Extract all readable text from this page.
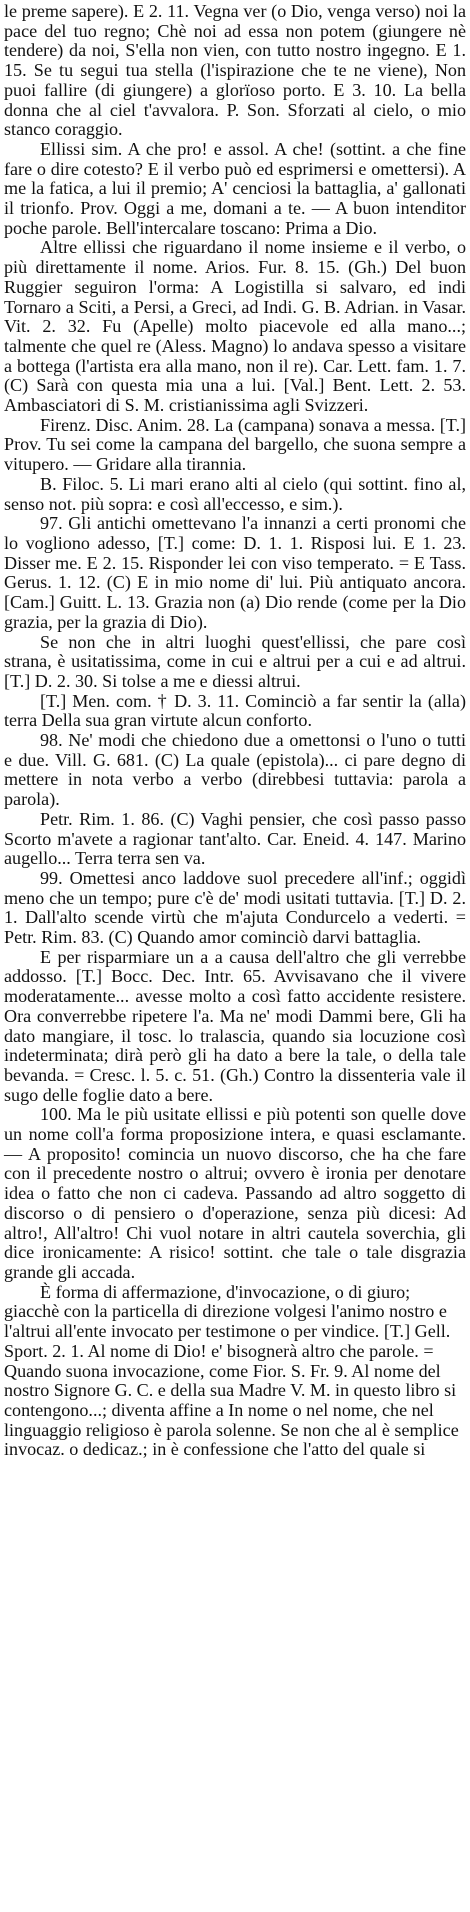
le preme sapere). E 2. 11. Vegna ver (o Dio, venga verso) noi la pace del tuo regno; Chè noi ad essa non potem (giungere nè tendere) da noi, S'ella non vien, con tutto nostro ingegno. E 1. 15. Se tu segui tua stella (l'ispirazione che te ne viene), Non puoi fallire (di giungere) a glorïoso porto. E 3. 10. La bella donna che al ciel t'avvalora. P. Son. Sforzati al cielo, o mio stanco coraggio.

Ellissi sim. A che pro! e assol. A che! (sottint. a che fine fare o dire cotesto? E il verbo può ed esprimersi e omettersi). A me la fatica, a lui il premio; A' cenciosi la battaglia, a' gallonati il trionfo. Prov. Oggi a me, domani a te. — A buon intenditor poche parole. Bell'intercalare toscano: Prima a Dio.

Altre ellissi che riguardano il nome insieme e il verbo, o più direttamente il nome. Arios. Fur. 8. 15. (Gh.) Del buon Ruggier seguiron l'orma: A Logistilla si salvaro, ed indi Tornaro a Sciti, a Persi, a Greci, ad Indi. G. B. Adrian. in Vasar. Vit. 2. 32. Fu (Apelle) molto piacevole ed alla mano...; talmente che quel re (Aless. Magno) lo andava spesso a visitare a bottega (l'artista era alla mano, non il re). Car. Lett. fam. 1. 7. (C) Sarà con questa mia una a lui. [Val.] Bent. Lett. 2. 53. Ambasciatori di S. M. cristianissima agli Svizzeri.

Firenz. Disc. Anim. 28. La (campana) sonava a messa. [T.] Prov. Tu sei come la campana del bargello, che suona sempre a vitupero. — Gridare alla tirannia.

B. Filoc. 5. Li mari erano alti al cielo (qui sottint. fino al, senso not. più sopra: e così all'eccesso, e sim.).

97. Gli antichi omettevano l'a innanzi a certi pronomi che lo vogliono adesso, [T.] come: D. 1. 1. Risposi lui. E 1. 23. Disser me. E 2. 15. Risponder lei con viso temperato. = E Tass. Gerus. 1. 12. (C) E in mio nome di' lui. Più antiquato ancora. [Cam.] Guitt. L. 13. Grazia non (a) Dio rende (come per la Dio grazia, per la grazia di Dio).

Se non che in altri luoghi quest'ellissi, che pare così strana, è usitatissima, come in cui e altrui per a cui e ad altrui. [T.] D. 2. 30. Si tolse a me e diessi altrui.

[T.] Men. com. † D. 3. 11. Cominciò a far sentir la (alla) terra Della sua gran virtute alcun conforto.

98. Ne' modi che chiedono due a omettonsi o l'uno o tutti e due. Vill. G. 681. (C) La quale (epistola)... ci pare degno di mettere in nota verbo a verbo (direbbesi tuttavia: parola a parola).

Petr. Rim. 1. 86. (C) Vaghi pensier, che così passo passo Scorto m'avete a ragionar tant'alto. Car. Eneid. 4. 147. Marino augello... Terra terra sen va.

99. Omettesi anco laddove suol precedere all'inf.; oggidì meno che un tempo; pure c'è de' modi usitati tuttavia. [T.] D. 2. 1. Dall'alto scende virtù che m'ajuta Condurcelo a vederti. = Petr. Rim. 83. (C) Quando amor cominciò darvi battaglia.

E per risparmiare un a a causa dell'altro che gli verrebbe addosso. [T.] Bocc. Dec. Intr. 65. Avvisavano che il vivere moderatamente... avesse molto a così fatto accidente resistere. Ora converrebbe ripetere l'a. Ma ne' modi Dammi bere, Gli ha dato mangiare, il tosc. lo tralascia, quando sia locuzione così indeterminata; dirà però gli ha dato a bere la tale, o della tale bevanda. = Cresc. l. 5. c. 51. (Gh.) Contro la dissenteria vale il sugo delle foglie dato a bere.

100. Ma le più usitate ellissi e più potenti son quelle dove un nome coll'a forma proposizione intera, e quasi esclamante. — A proposito! comincia un nuovo discorso, che ha che fare con il precedente nostro o altrui; ovvero è ironia per denotare idea o fatto che non ci cadeva. Passando ad altro soggetto di discorso o di pensiero o d'operazione, senza più dicesi: Ad altro!, All'altro! Chi vuol notare in altri cautela soverchia, gli dice ironicamente: A risico! sottint. che tale o tale disgrazia grande gli accada.

È forma di affermazione, d'invocazione, o di giuro; giacchè con la particella di direzione volgesi l'animo nostro e l'altrui all'ente invocato per testimone o per vindice. [T.] Gell. Sport. 2. 1. Al nome di Dio! e' bisognerà altro che parole. = Quando suona invocazione, come Fior. S. Fr. 9. Al nome del nostro Signore G. C. e della sua Madre V. M. in questo libro si contengono...; diventa affine a In nome o nel nome, che nel linguaggio religioso è parola solenne. Se non che al è semplice invocaz. o dedicaz.; in è confessione che l'atto del quale si
